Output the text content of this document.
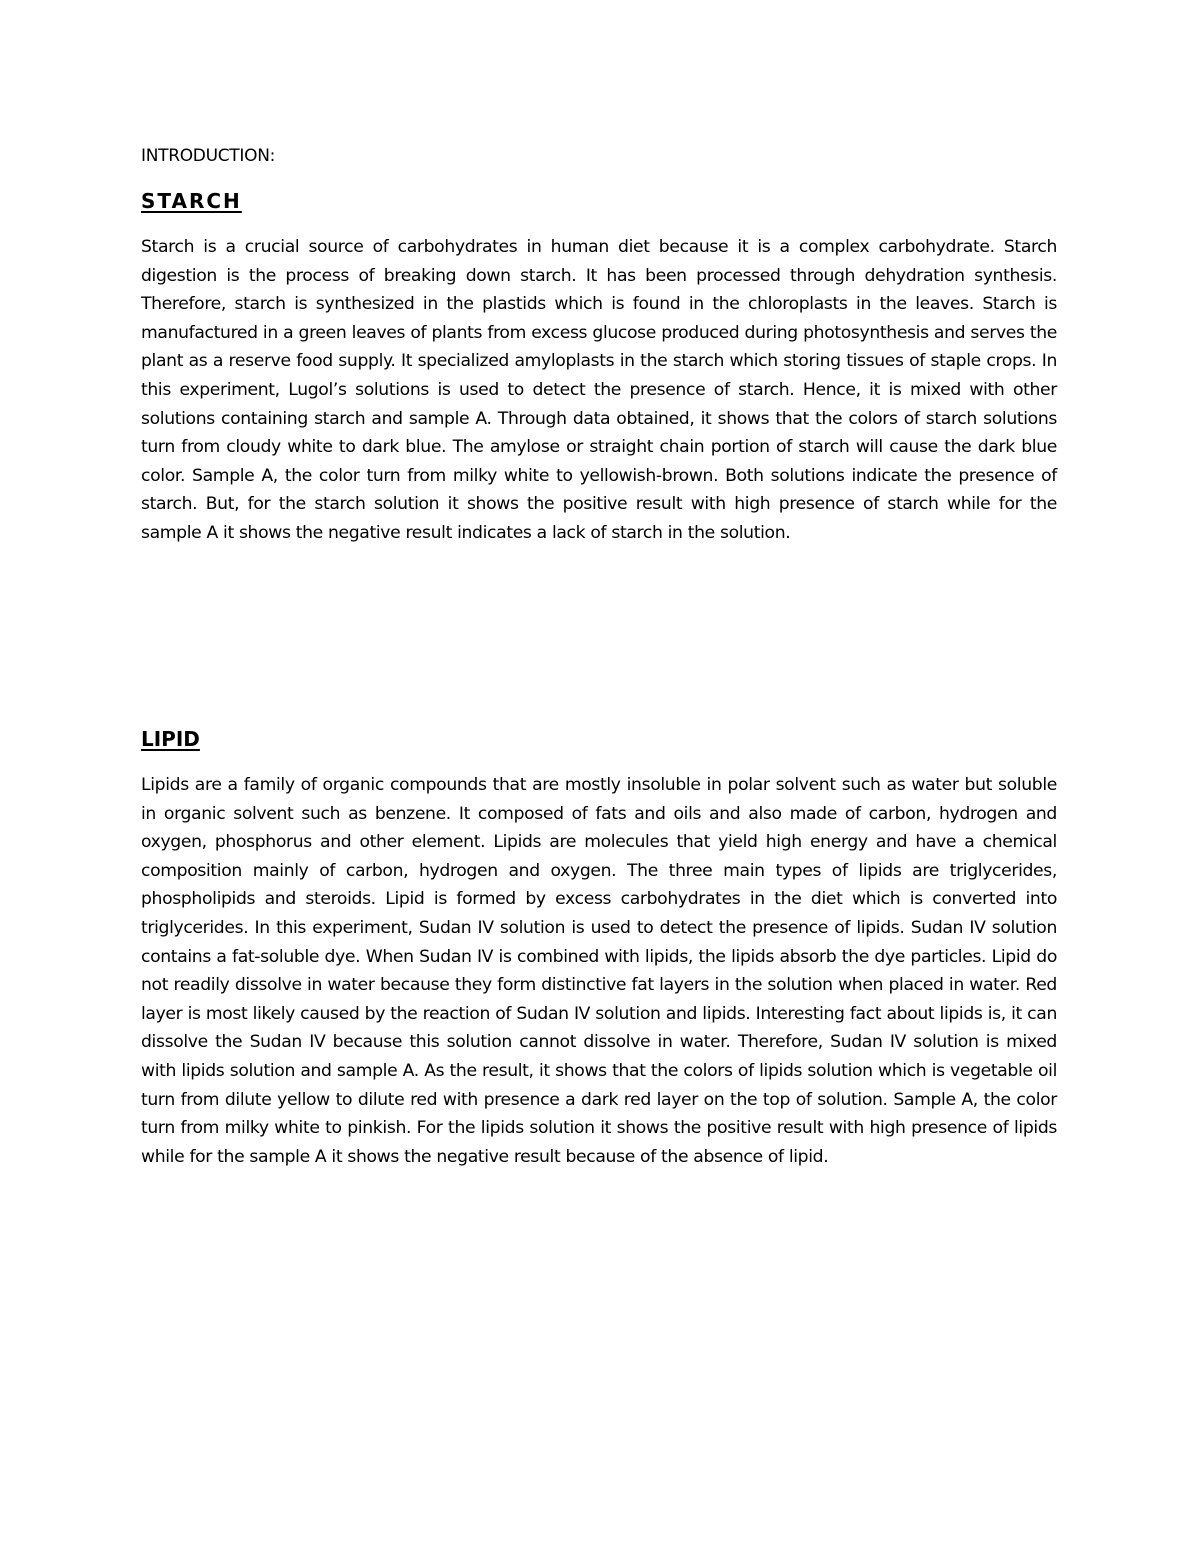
INTRODUCTION:
STARCH

Starch is a crucial source of carbohydrates in human diet because it is a complex carbohydrate. Starch digestion is the process of breaking down starch. It has been processed through dehydration synthesis. Therefore, starch is synthesized in the plastids which is found in the chloroplasts in the leaves. Starch is manufactured in a green leaves of plants from excess glucose produced during photosynthesis and serves the plant as a reserve food supply. It specialized amyloplasts in the starch which storing tissues of staple crops. In this experiment, Lugol’s solutions is used to detect the presence of starch. Hence, it is mixed with other solutions containing starch and sample A. Through data obtained, it shows that the colors of starch solutions turn from cloudy white to dark blue. The amylose or straight chain portion of starch will cause the dark blue color. Sample A, the color turn from milky white to yellowish-brown. Both solutions indicate the presence of starch. But, for the starch solution it shows the positive result with high presence of starch while for the sample A it shows the negative result indicates a lack of starch in the solution.

LIPID

Lipids are a family of organic compounds that are mostly insoluble in polar solvent such as water but soluble in organic solvent such as benzene. It composed of fats and oils and also made of carbon, hydrogen and oxygen, phosphorus and other element. Lipids are molecules that yield high energy and have a chemical composition mainly of carbon, hydrogen and oxygen. The three main types of lipids are triglycerides, phospholipids and steroids. Lipid is formed by excess carbohydrates in the diet which is converted into triglycerides. In this experiment, Sudan IV solution is used to detect the presence of lipids. Sudan IV solution contains a fat-soluble dye. When Sudan IV is combined with lipids, the lipids absorb the dye particles. Lipid do not readily dissolve in water because they form distinctive fat layers in the solution when placed in water. Red layer is most likely caused by the reaction of Sudan IV solution and lipids. Interesting fact about lipids is, it can dissolve the Sudan IV because this solution cannot dissolve in water. Therefore, Sudan IV solution is mixed with lipids solution and sample A. As the result, it shows that the colors of lipids solution which is vegetable oil turn from dilute yellow to dilute red with presence a dark red layer on the top of solution. Sample A, the color turn from milky white to pinkish. For the lipids solution it shows the positive result with high presence of lipids while for the sample A it shows the negative result because of the absence of lipid.
